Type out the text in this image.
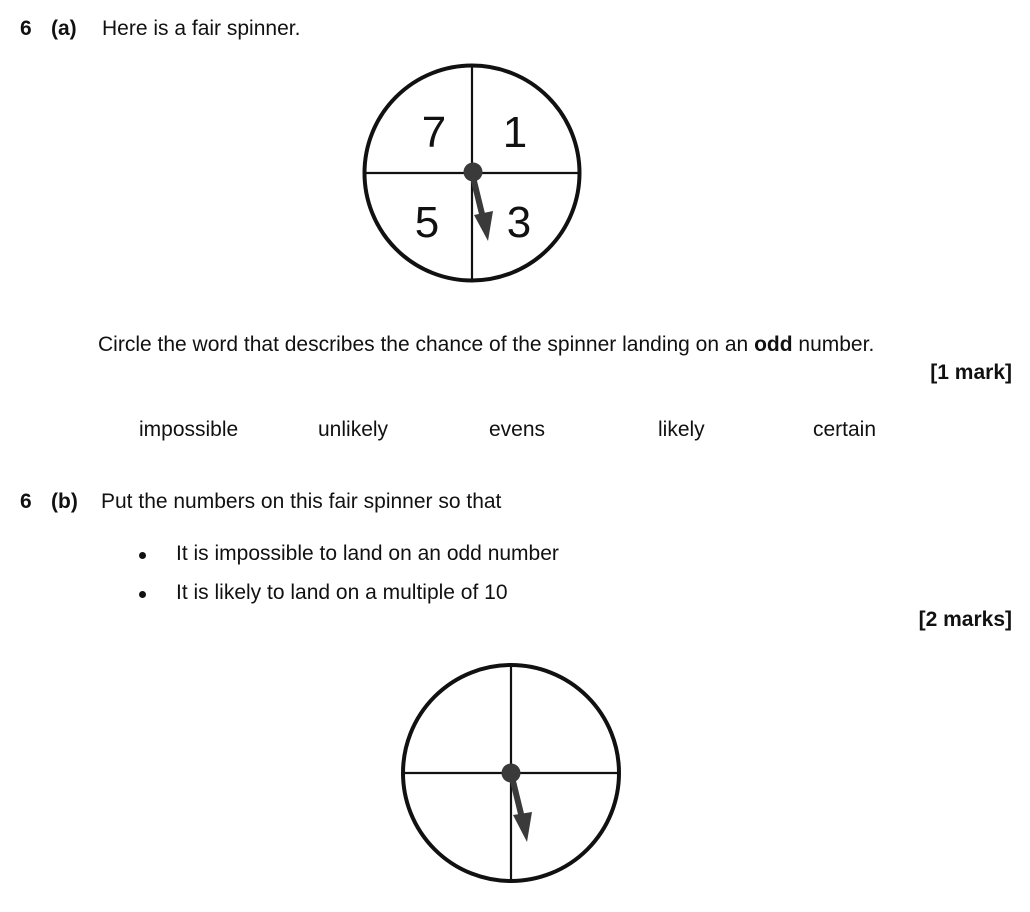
6 (a) Here is a fair spinner.
7 1
5 3
Circle the word that describes the chance of the spinner landing on an odd number.
[1 mark]
impossible	unlikely	evens	likely	certain
6 (b) Put the numbers on this fair spinner so that
It is impossible to land on an odd number
It is likely to land on a multiple of 10
[2 marks]
